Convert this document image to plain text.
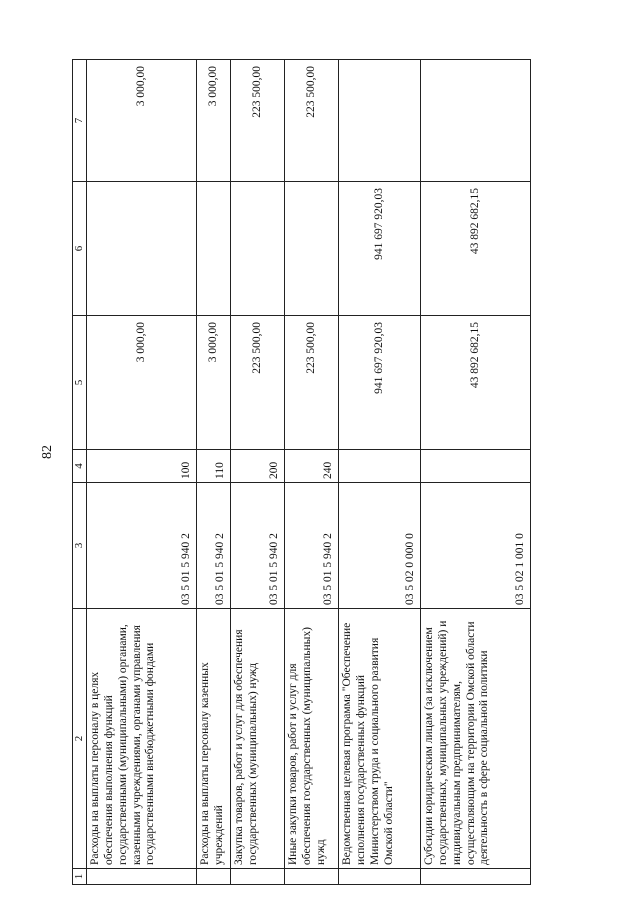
82
1	2	3	4	5	6	7
	Расходы на выплаты персоналу в целях обеспечения выполнения функций государственными (муниципальными) органами, казенными учреждениями, органами управления государственными внебюджетными фондами	03 5 01 5 940 2	100	3 000,00		3 000,00
	Расходы на выплаты персоналу казенных учреждений	03 5 01 5 940 2	110	3 000,00		3 000,00
	Закупка товаров, работ и услуг для обеспечения государственных (муниципальных) нужд	03 5 01 5 940 2	200	223 500,00		223 500,00
	Иные закупки товаров, работ и услуг для обеспечения государственных (муниципальных) нужд	03 5 01 5 940 2	240	223 500,00		223 500,00
	Ведомственная целевая программа "Обеспечение исполнения государственных функций Министерством труда и социального развития Омской области"	03 5 02 0 000 0		941 697 920,03	941 697 920,03	
	Субсидии юридическим лицам (за исключением государственных, муниципальных учреждений) и индивидуальным предпринимателям, осуществляющим на территории Омской области деятельность в сфере социальной политики	03 5 02 1 001 0		43 892 682,15	43 892 682,15	
